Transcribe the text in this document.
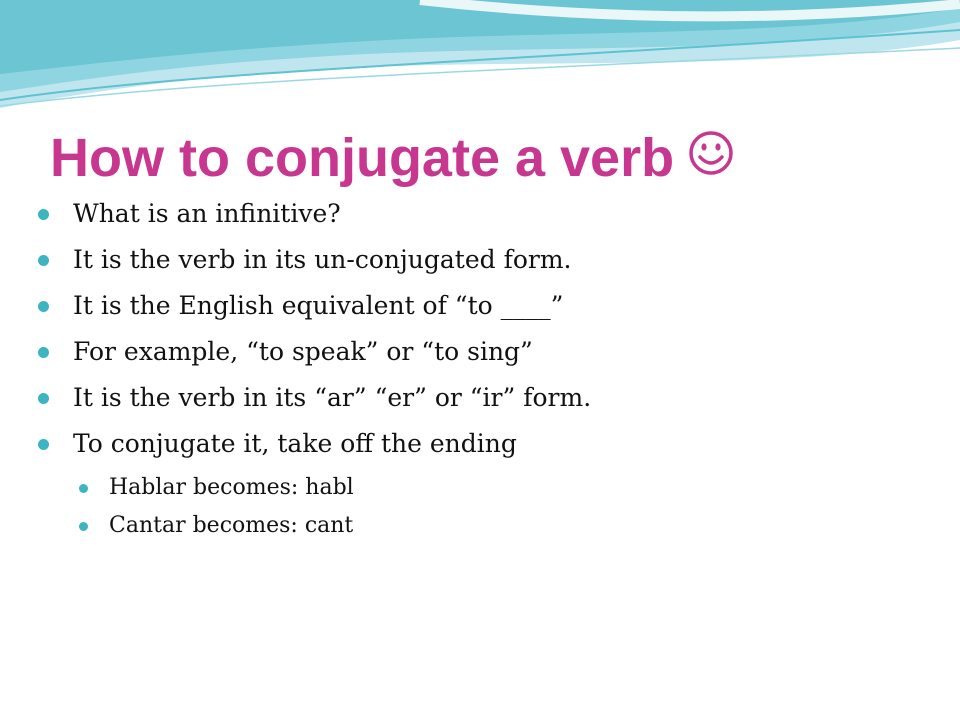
How to conjugate a verb
What is an infinitive?
It is the verb in its un-conjugated form.
It is the English equivalent of “to ____”
For example, “to speak” or “to sing”
It is the verb in its “ar” “er” or “ir” form.
To conjugate it, take off the ending
Hablar becomes: habl
Cantar becomes: cant
